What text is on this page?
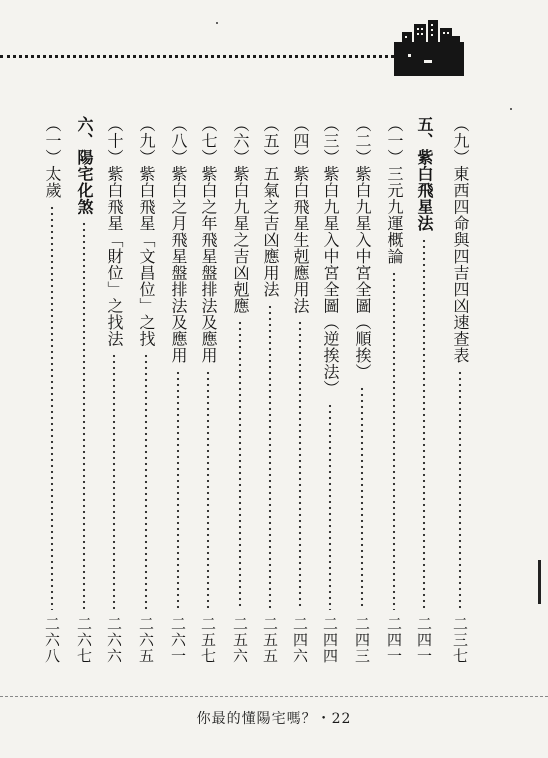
（九）東西四命與四吉四凶速查表
二三七
五、紫白飛星法
二四一
（一）三元九運概論
二四一
（二）紫白九星入中宮全圖（順挨）
二四三
（三）紫白九星入中宮全圖（逆挨法）
二四四
（四）紫白飛星生剋應用法
二四六
（五）五氣之吉凶應用法
二五五
（六）紫白九星之吉凶剋應
二五六
（七）紫白之年飛星盤排法及應用
二五七
（八）紫白之月飛星盤排法及應用
二六一
（九）紫白飛星「文昌位」之找
二六五
（十）紫白飛星「財位」之找法
二六六
六、陽宅化煞
二六七
（一）太歲
二六八
你最的懂陽宅嗎？・22
